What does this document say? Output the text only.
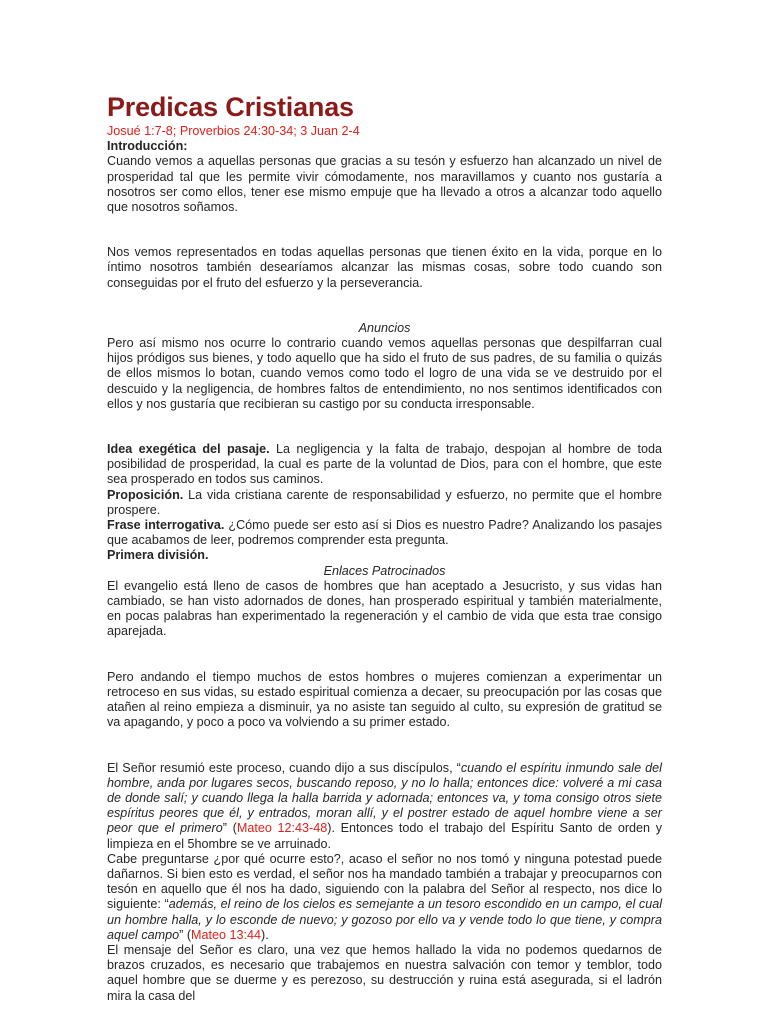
Predicas Cristianas
Josué 1:7-8; Proverbios 24:30-34; 3 Juan 2-4
Introducción:

Cuando vemos a aquellas personas que gracias a su tesón y esfuerzo han alcanzado un nivel de prosperidad tal que les permite vivir cómodamente, nos maravillamos y cuanto nos gustaría a nosotros ser como ellos, tener ese mismo empuje que ha llevado a otros a alcanzar todo aquello que nosotros soñamos.

Nos vemos representados en todas aquellas personas que tienen éxito en la vida, porque en lo íntimo nosotros también desearíamos alcanzar las mismas cosas, sobre todo cuando son conseguidas por el fruto del esfuerzo y la perseverancia.

Anuncios

Pero así mismo nos ocurre lo contrario cuando vemos aquellas personas que despilfarran cual hijos pródigos sus bienes, y todo aquello que ha sido el fruto de sus padres, de su familia o quizás de ellos mismos lo botan, cuando vemos como todo el logro de una vida se ve destruido por el descuido y la negligencia, de hombres faltos de entendimiento, no nos sentimos identificados con ellos y nos gustaría que recibieran su castigo por su conducta irresponsable.

Idea exegética del pasaje. La negligencia y la falta de trabajo, despojan al hombre de toda posibilidad de prosperidad, la cual es parte de la voluntad de Dios, para con el hombre, que este sea prosperado en todos sus caminos.

Proposición. La vida cristiana carente de responsabilidad y esfuerzo, no permite que el hombre prospere.

Frase interrogativa. ¿Cómo puede ser esto así si Dios es nuestro Padre? Analizando los pasajes que acabamos de leer, podremos comprender esta pregunta.

Primera división.

Enlaces Patrocinados

El evangelio está lleno de casos de hombres que han aceptado a Jesucristo, y sus vidas han cambiado, se han visto adornados de dones, han prosperado espiritual y también materialmente, en pocas palabras han experimentado la regeneración y el cambio de vida que esta trae consigo aparejada.

Pero andando el tiempo muchos de estos hombres o mujeres comienzan a experimentar un retroceso en sus vidas, su estado espiritual comienza a decaer, su preocupación por las cosas que atañen al reino empieza a disminuir, ya no asiste tan seguido al culto, su expresión de gratitud se va apagando, y poco a poco va volviendo a su primer estado.

El Señor resumió este proceso, cuando dijo a sus discípulos, “cuando el espíritu inmundo sale del hombre, anda por lugares secos, buscando reposo, y no lo halla; entonces dice: volveré a mi casa de donde salí; y cuando llega la halla barrida y adornada; entonces va, y toma consigo otros siete espíritus peores que él, y entrados, moran allí, y el postrer estado de aquel hombre viene a ser peor que el primero” (Mateo 12:43-48). Entonces todo el trabajo del Espíritu Santo de orden y limpieza en el 5hombre se ve arruinado.

Cabe preguntarse ¿por qué ocurre esto?, acaso el señor no nos tomó y ninguna potestad puede dañarnos. Si bien esto es verdad, el señor nos ha mandado también a trabajar y preocuparnos con tesón en aquello que él nos ha dado, siguiendo con la palabra del Señor al respecto, nos dice lo siguiente: “además, el reino de los cielos es semejante a un tesoro escondido en un campo, el cual un hombre halla, y lo esconde de nuevo; y gozoso por ello va y vende todo lo que tiene, y compra aquel campo” (Mateo 13:44).

El mensaje del Señor es claro, una vez que hemos hallado la vida no podemos quedarnos de brazos cruzados, es necesario que trabajemos en nuestra salvación con temor y temblor, todo aquel hombre que se duerme y es perezoso, su destrucción y ruina está asegurada, si el ladrón mira la casa del
